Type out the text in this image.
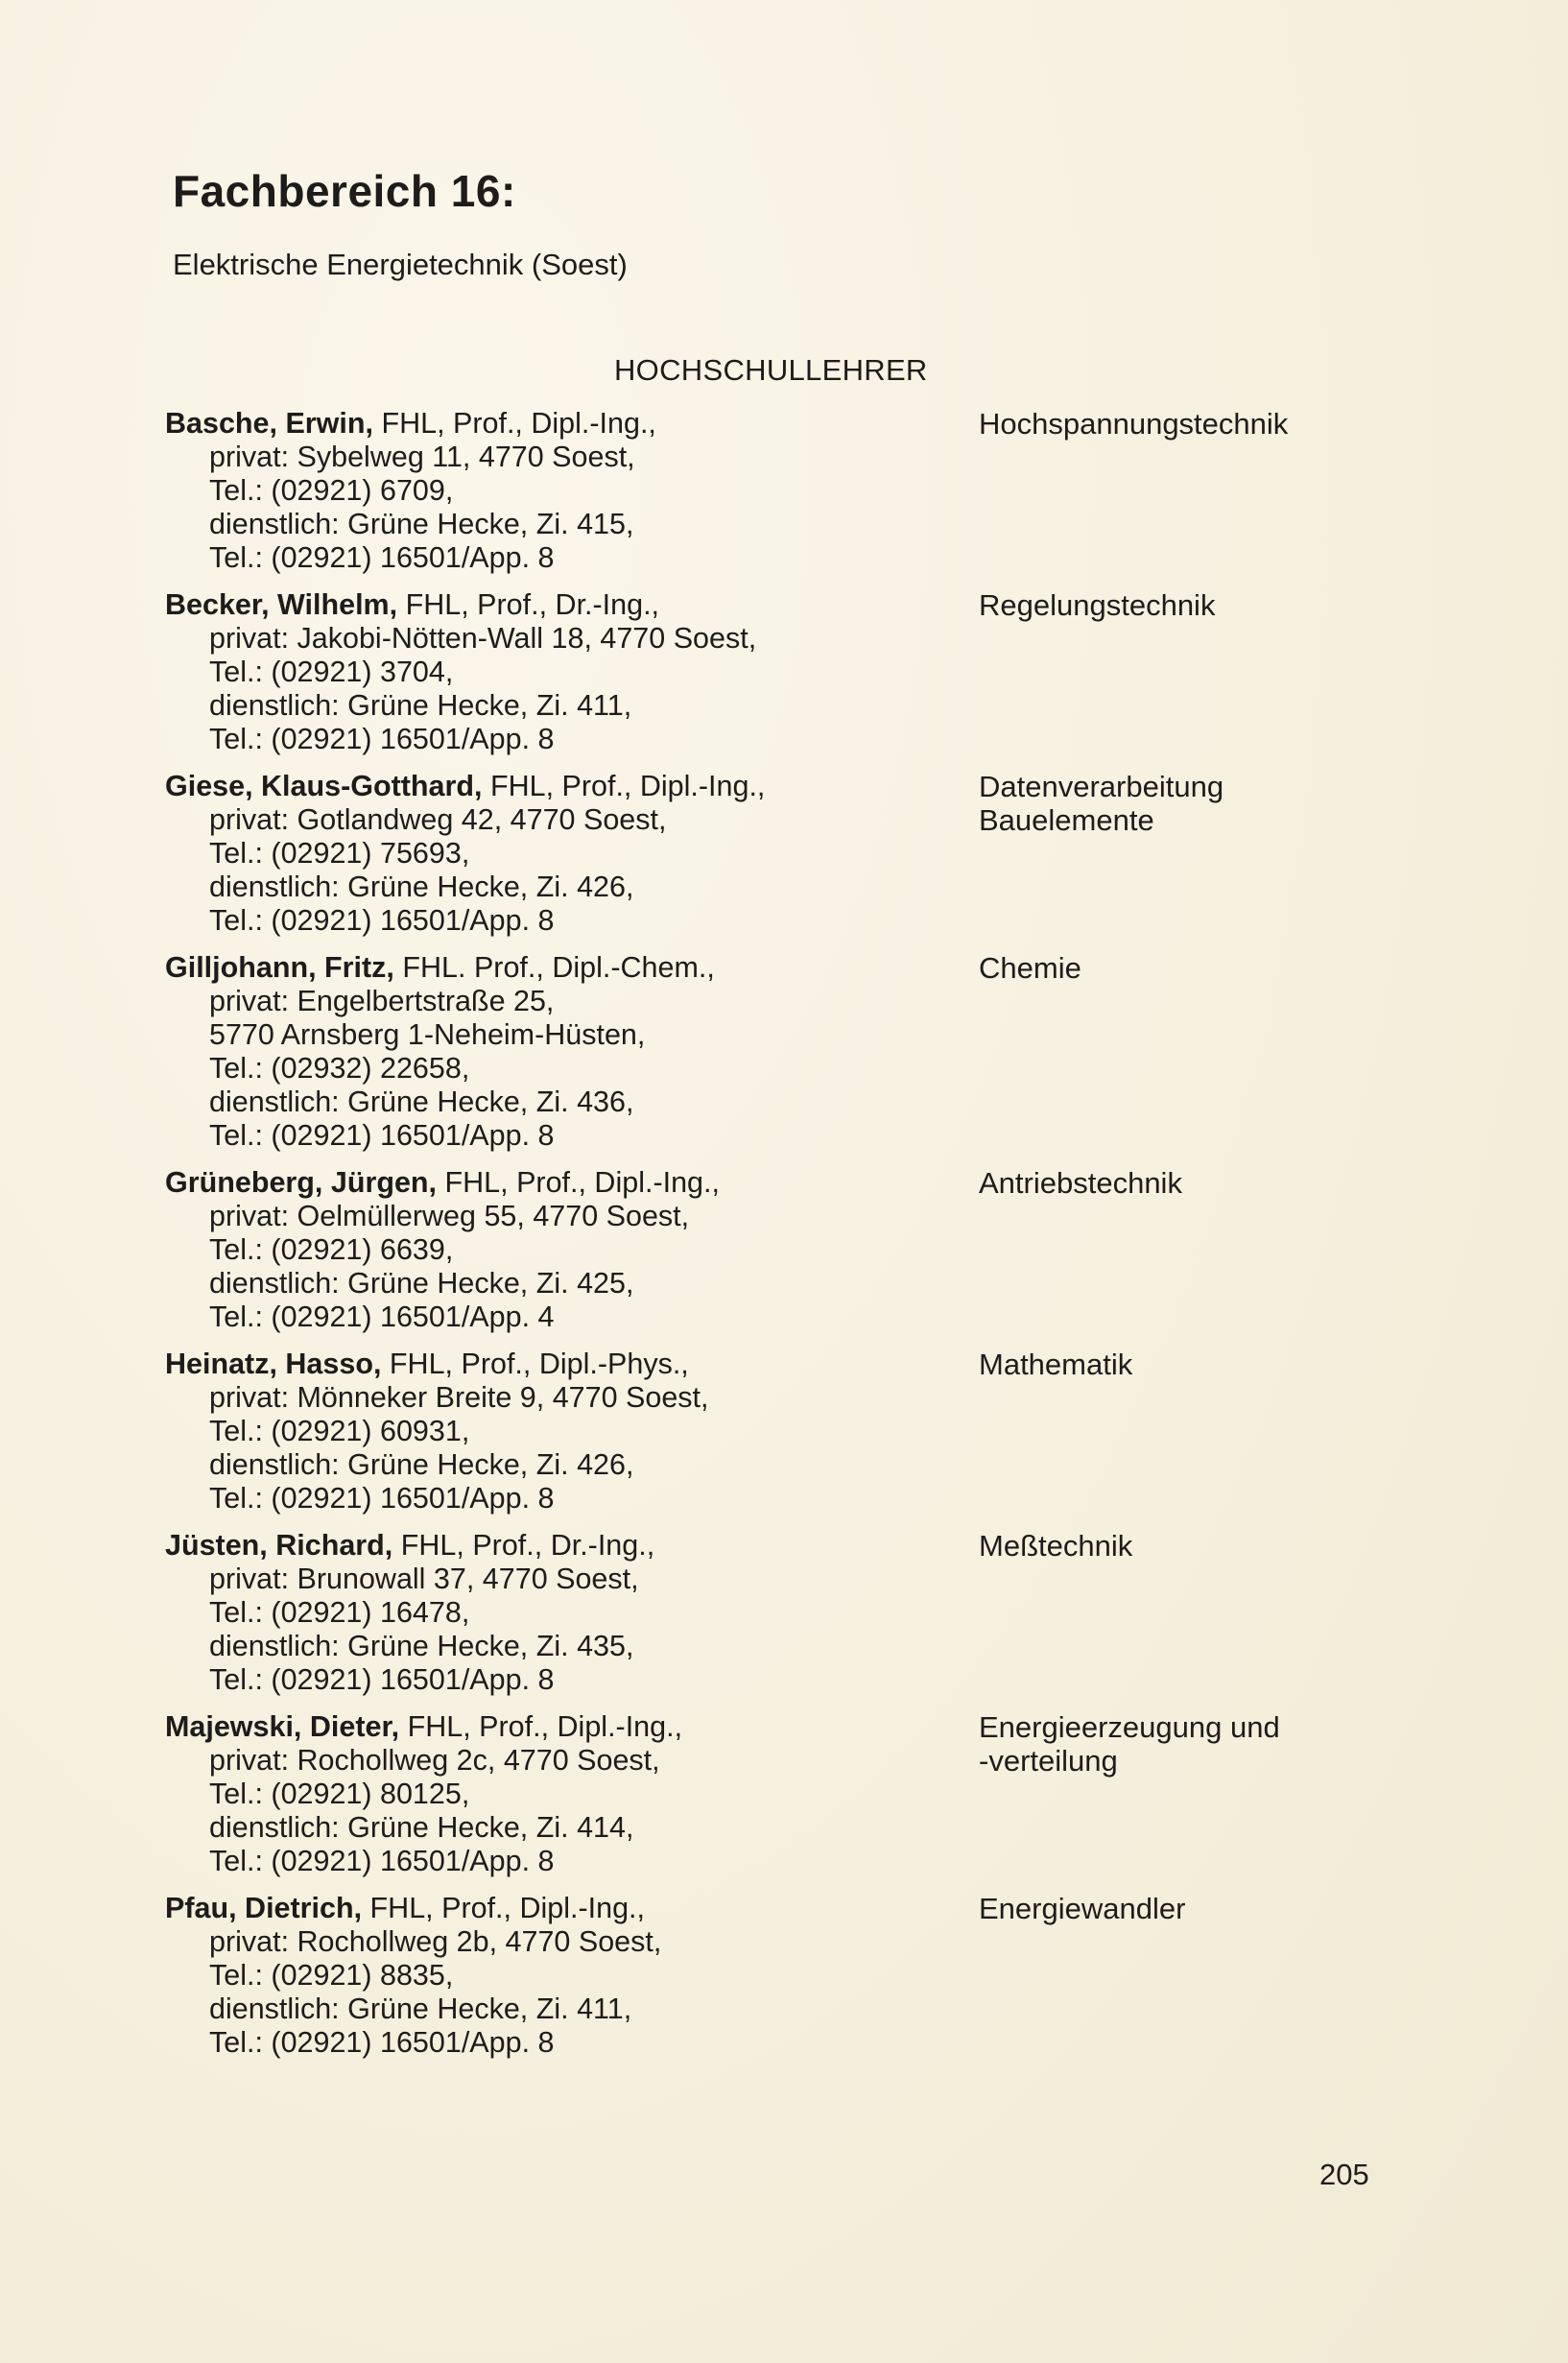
Fachbereich 16:

Elektrische Energietechnik (Soest)

HOCHSCHULLEHRER

Basche, Erwin, FHL, Prof., Dipl.-Ing.,
privat: Sybelweg 11, 4770 Soest,
Tel.: (02921) 6709,
dienstlich: Grüne Hecke, Zi. 415,
Tel.: (02921) 16501/App. 8
Hochspannungstechnik
Becker, Wilhelm, FHL, Prof., Dr.-Ing.,
privat: Jakobi-Nötten-Wall 18, 4770 Soest,
Tel.: (02921) 3704,
dienstlich: Grüne Hecke, Zi. 411,
Tel.: (02921) 16501/App. 8
Regelungstechnik
Giese, Klaus-Gotthard, FHL, Prof., Dipl.-Ing.,
privat: Gotlandweg 42, 4770 Soest,
Tel.: (02921) 75693,
dienstlich: Grüne Hecke, Zi. 426,
Tel.: (02921) 16501/App. 8
Datenverarbeitung
Bauelemente
Gilljohann, Fritz, FHL. Prof., Dipl.-Chem.,
privat: Engelbertstraße 25,
5770 Arnsberg 1-Neheim-Hüsten,
Tel.: (02932) 22658,
dienstlich: Grüne Hecke, Zi. 436,
Tel.: (02921) 16501/App. 8
Chemie
Grüneberg, Jürgen, FHL, Prof., Dipl.-Ing.,
privat: Oelmüllerweg 55, 4770 Soest,
Tel.: (02921) 6639,
dienstlich: Grüne Hecke, Zi. 425,
Tel.: (02921) 16501/App. 4
Antriebstechnik
Heinatz, Hasso, FHL, Prof., Dipl.-Phys.,
privat: Mönneker Breite 9, 4770 Soest,
Tel.: (02921) 60931,
dienstlich: Grüne Hecke, Zi. 426,
Tel.: (02921) 16501/App. 8
Mathematik
Jüsten, Richard, FHL, Prof., Dr.-Ing.,
privat: Brunowall 37, 4770 Soest,
Tel.: (02921) 16478,
dienstlich: Grüne Hecke, Zi. 435,
Tel.: (02921) 16501/App. 8
Meßtechnik
Majewski, Dieter, FHL, Prof., Dipl.-Ing.,
privat: Rochollweg 2c, 4770 Soest,
Tel.: (02921) 80125,
dienstlich: Grüne Hecke, Zi. 414,
Tel.: (02921) 16501/App. 8
Energieerzeugung und
-verteilung
Pfau, Dietrich, FHL, Prof., Dipl.-Ing.,
privat: Rochollweg 2b, 4770 Soest,
Tel.: (02921) 8835,
dienstlich: Grüne Hecke, Zi. 411,
Tel.: (02921) 16501/App. 8
Energiewandler

205
